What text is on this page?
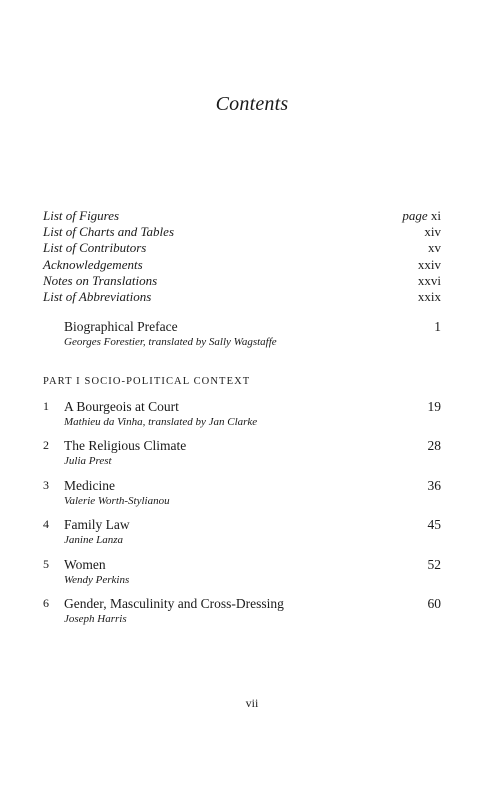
Contents
List of Figures	page xi
List of Charts and Tables	xiv
List of Contributors	xv
Acknowledgements	xxiv
Notes on Translations	xxvi
List of Abbreviations	xxix
Biographical Preface	1
Georges Forestier, translated by Sally Wagstaffe
PART I SOCIO-POLITICAL CONTEXT
1	A Bourgeois at Court	19
Mathieu da Vinha, translated by Jan Clarke
2	The Religious Climate	28
Julia Prest
3	Medicine	36
Valerie Worth-Stylianou
4	Family Law	45
Janine Lanza
5	Women	52
Wendy Perkins
6	Gender, Masculinity and Cross-Dressing	60
Joseph Harris
vii
